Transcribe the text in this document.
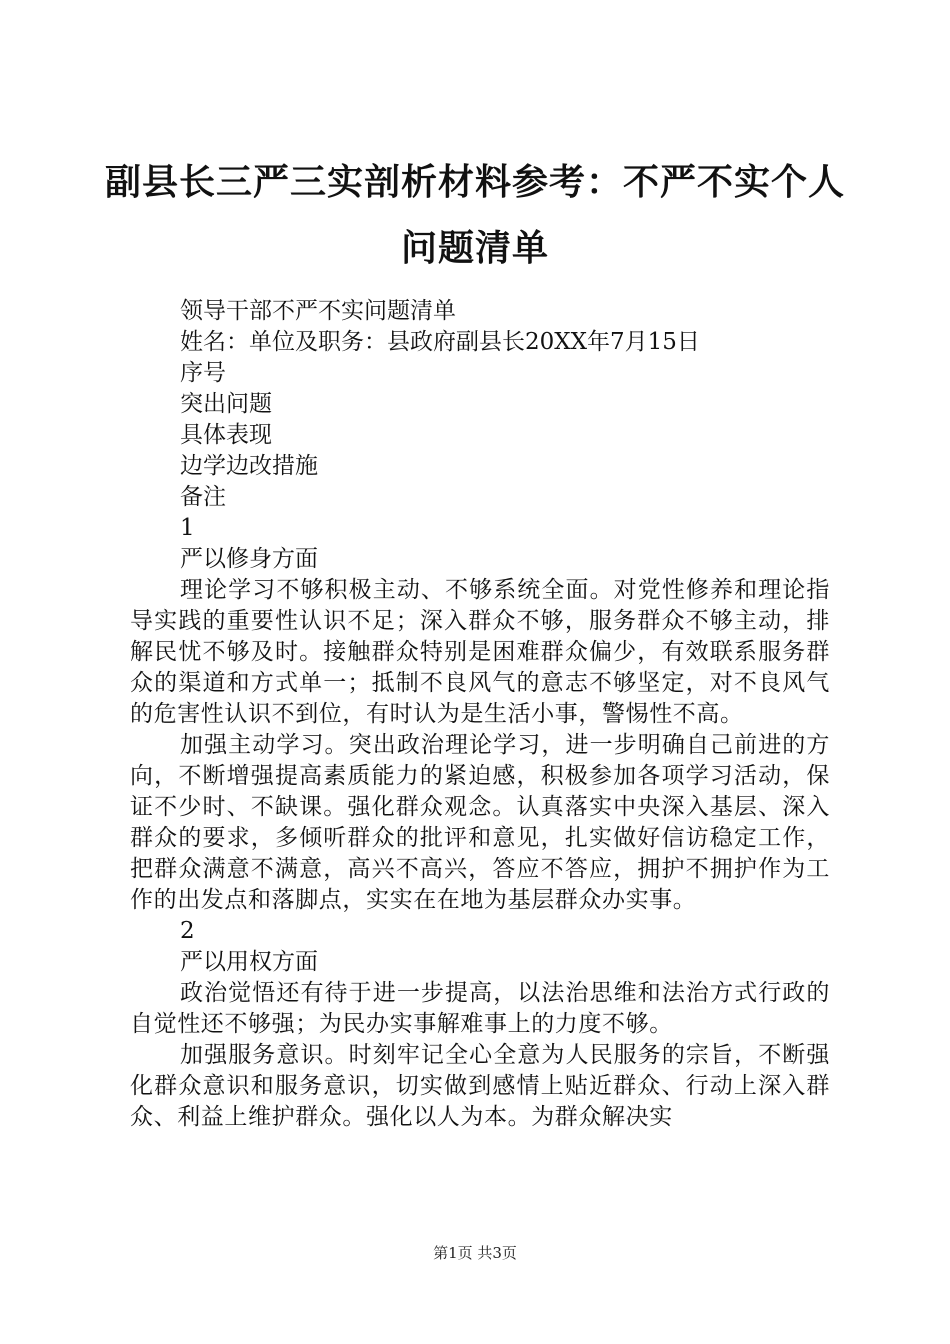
副县长三严三实剖析材料参考：不严不实个人问题清单

领导干部不严不实问题清单

姓名：单位及职务：县政府副县长20XX年7月15日

序号

突出问题

具体表现

边学边改措施

备注

1

严以修身方面

理论学习不够积极主动、不够系统全面。对党性修养和理论指导实践的重要性认识不足；深入群众不够，服务群众不够主动，排解民忧不够及时。接触群众特别是困难群众偏少，有效联系服务群众的渠道和方式单一；抵制不良风气的意志不够坚定，对不良风气的危害性认识不到位，有时认为是生活小事，警惕性不高。

加强主动学习。突出政治理论学习，进一步明确自己前进的方向，不断增强提高素质能力的紧迫感，积极参加各项学习活动，保证不少时、不缺课。强化群众观念。认真落实中央深入基层、深入群众的要求，多倾听群众的批评和意见，扎实做好信访稳定工作，把群众满意不满意，高兴不高兴，答应不答应，拥护不拥护作为工作的出发点和落脚点，实实在在地为基层群众办实事。

2

严以用权方面

政治觉悟还有待于进一步提高，以法治思维和法治方式行政的自觉性还不够强；为民办实事解难事上的力度不够。

加强服务意识。时刻牢记全心全意为人民服务的宗旨，不断强化群众意识和服务意识，切实做到感情上贴近群众、行动上深入群众、利益上维护群众。强化以人为本。为群众解决实

第1页 共3页
